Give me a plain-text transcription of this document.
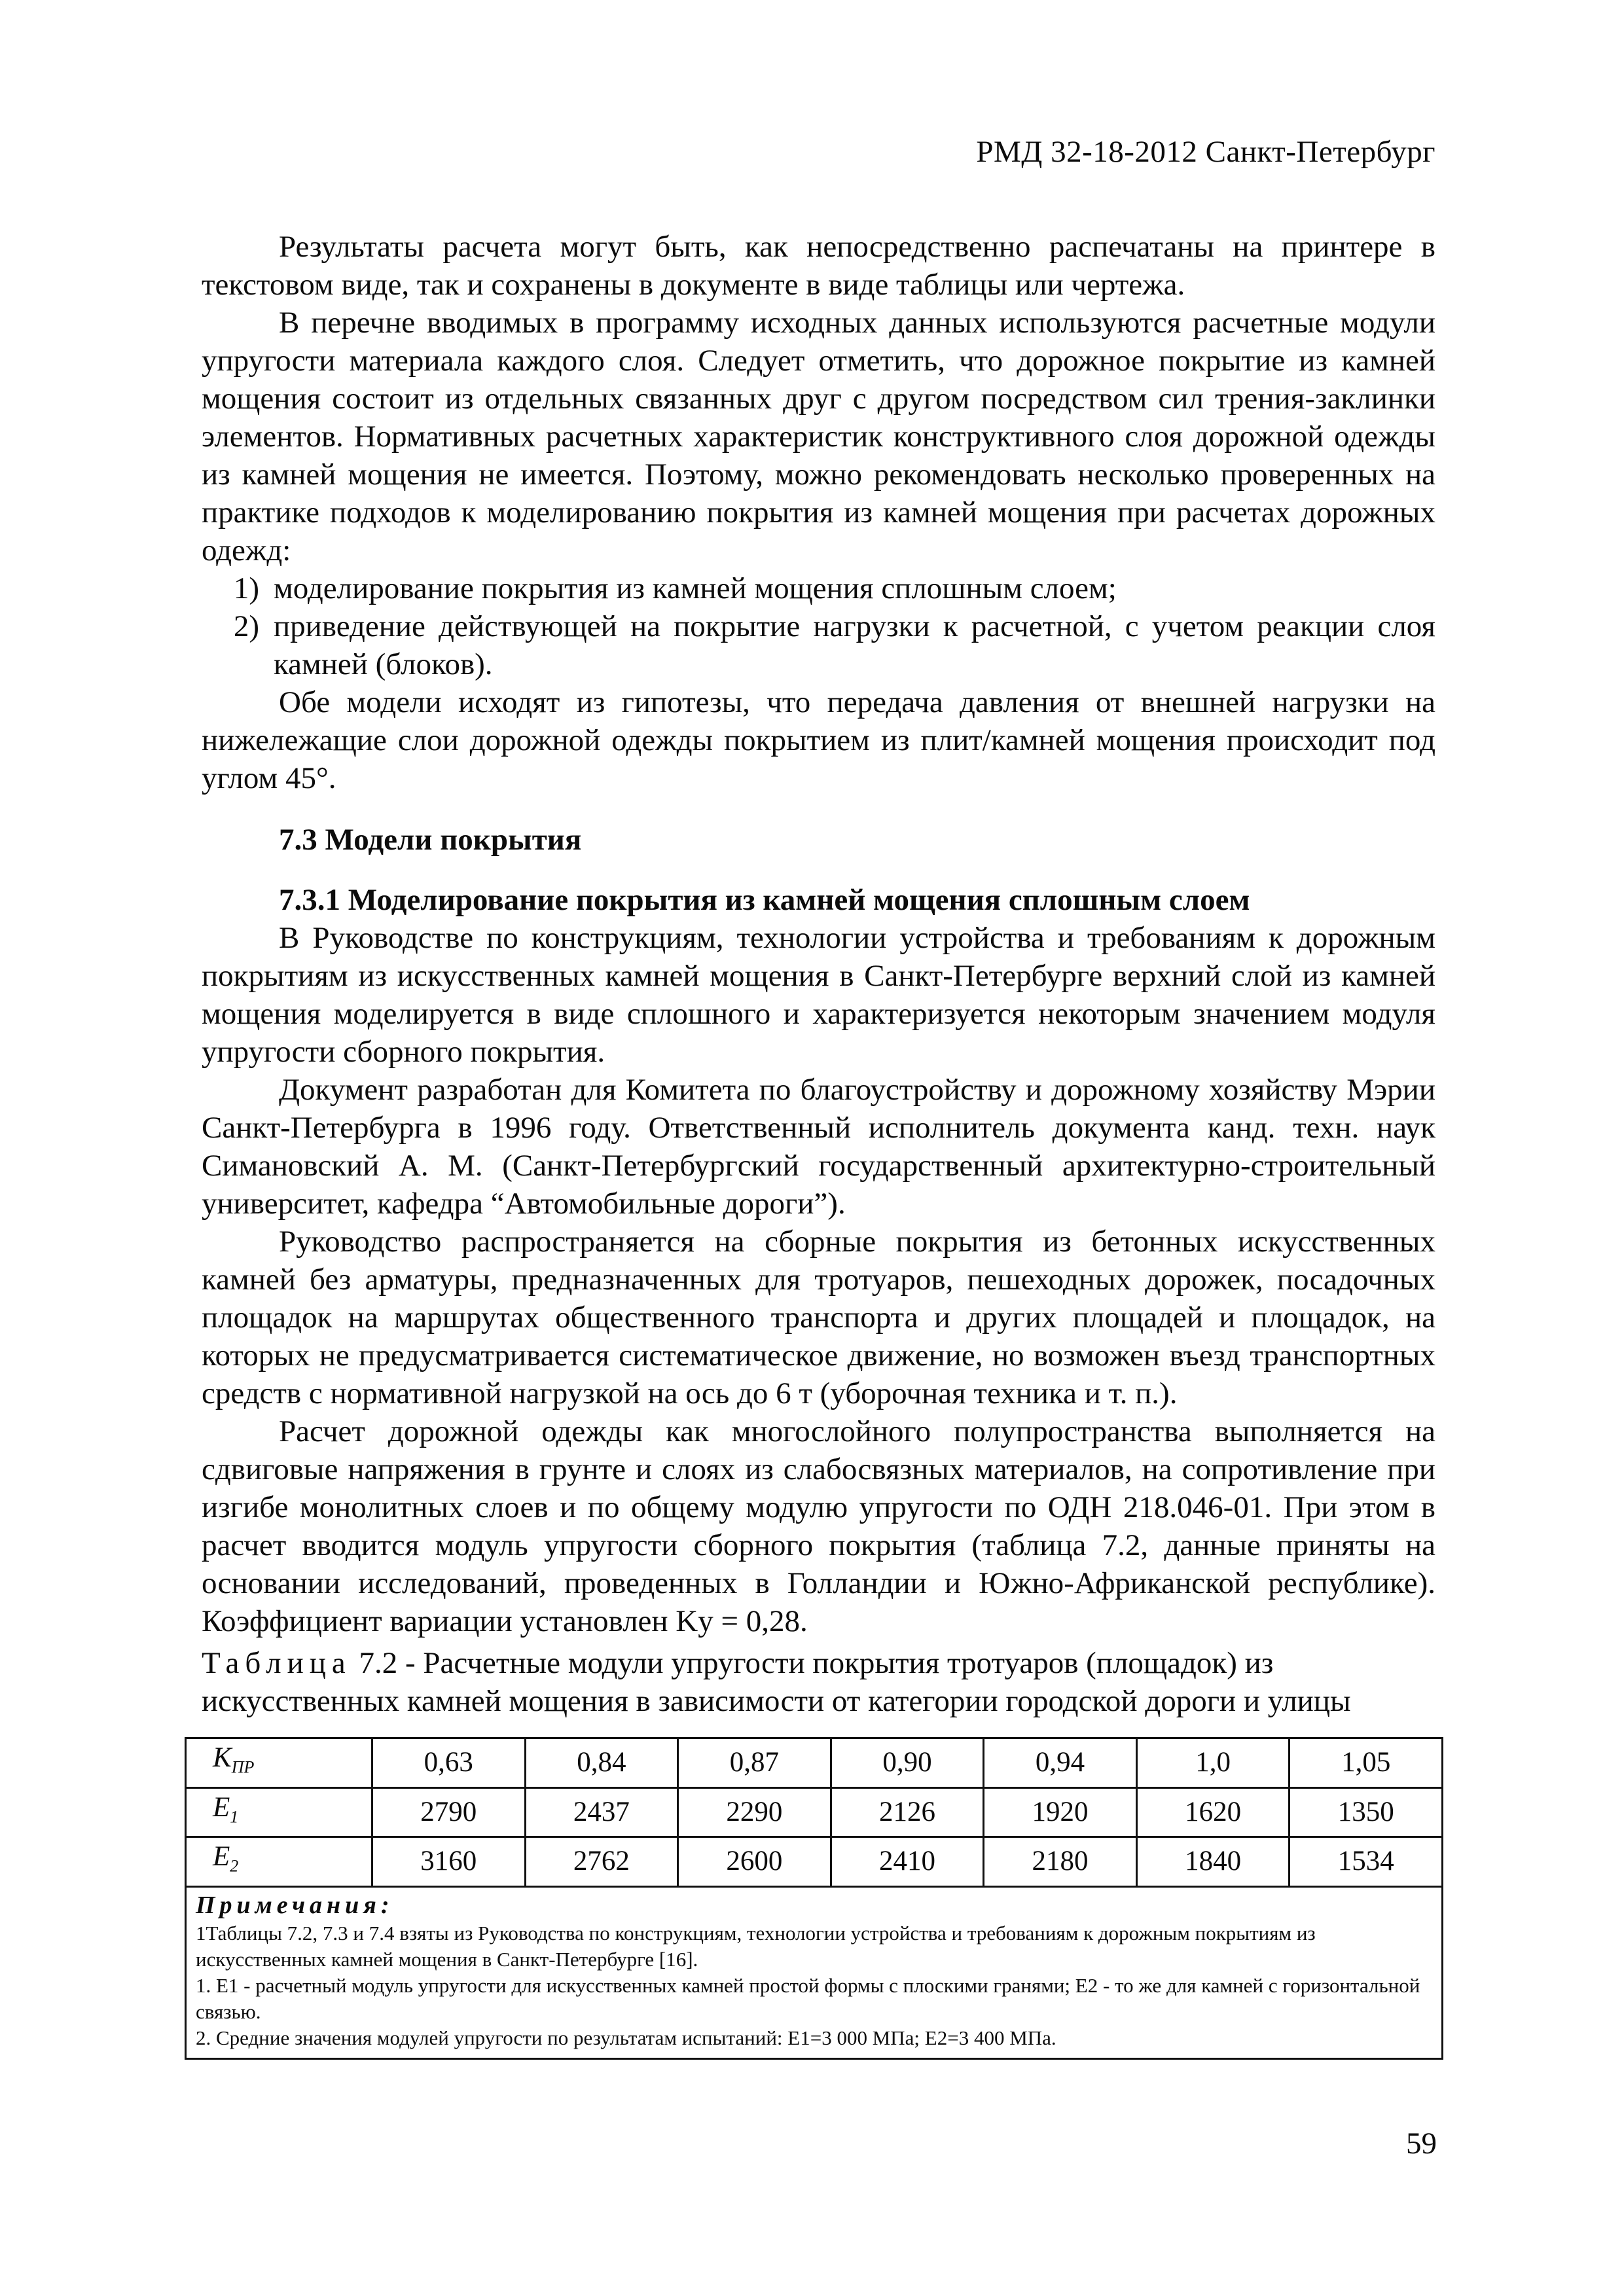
РМД 32-18-2012 Санкт-Петербург

Результаты расчета могут быть, как непосредственно распечатаны на принтере в текстовом виде, так и сохранены в документе в виде таблицы или чертежа.

В перечне вводимых в программу исходных данных используются расчетные модули упругости материала каждого слоя. Следует отметить, что дорожное покрытие из камней мощения состоит из отдельных связанных друг с другом посредством сил трения-заклинки элементов. Нормативных расчетных характеристик конструктивного слоя дорожной одежды из камней мощения не имеется. Поэтому, можно рекомендовать несколько проверенных на практике подходов к моделированию покрытия из камней мощения при расчетах дорожных одежд:

1) моделирование покрытия из камней мощения сплошным слоем;
2) приведение действующей на покрытие нагрузки к расчетной, с учетом реакции слоя камней (блоков).

Обе модели исходят из гипотезы, что передача давления от внешней нагрузки на нижележащие слои дорожной одежды покрытием из плит/камней мощения происходит под углом 45°.

7.3 Модели покрытия
7.3.1 Моделирование покрытия из камней мощения сплошным слоем

В Руководстве по конструкциям, технологии устройства и требованиям к дорожным покрытиям из искусственных камней мощения в Санкт-Петербурге верхний слой из камней мощения моделируется в виде сплошного и характеризуется некоторым значением модуля упругости сборного покрытия.

Документ разработан для Комитета по благоустройству и дорожному хозяйству Мэрии Санкт-Петербурга в 1996 году. Ответственный исполнитель документа канд. техн. наук Симановский А. М. (Санкт-Петербургский государственный архитектурно-строительный университет, кафедра “Автомобильные дороги”).

Руководство распространяется на сборные покрытия из бетонных искусственных камней без арматуры, предназначенных для тротуаров, пешеходных дорожек, посадочных площадок на маршрутах общественного транспорта и других площадей и площадок, на которых не предусматривается систематическое движение, но возможен въезд транспортных средств с нормативной нагрузкой на ось до 6 т (уборочная техника и т. п.).

Расчет дорожной одежды как многослойного полупространства выполняется на сдвиговые напряжения в грунте и слоях из слабосвязных материалов, на сопротивление при изгибе монолитных слоев и по общему модулю упругости по ОДН 218.046-01. При этом в расчет вводится модуль упругости сборного покрытия (таблица 7.2, данные приняты на основании исследований, проведенных в Голландии и Южно-Африканской республике). Коэффициент вариации установлен Ky = 0,28.

Таблица 7.2 - Расчетные модули упругости покрытия тротуаров (площадок) из искусственных камней мощения в зависимости от категории городской дороги и улицы

$K_{ПР}$	0,63	0,84	0,87	0,90	0,94	1,0	1,05
$E_1$	2790	2437	2290	2126	1920	1620	1350
$E_2$	3160	2762	2600	2410	2180	1840	1534

Примечания:
1Таблицы 7.2, 7.3 и 7.4 взяты из Руководства по конструкциям, технологии устройства и требованиям к дорожным покрытиям из искусственных камней мощения в Санкт-Петербурге [16].
1. E1 - расчетный модуль упругости для искусственных камней простой формы с плоскими гранями; E2 - то же для камней с горизонтальной связью.
2. Средние значения модулей упругости по результатам испытаний: E1=3 000 МПа; E2=3 400 МПа.							
59
